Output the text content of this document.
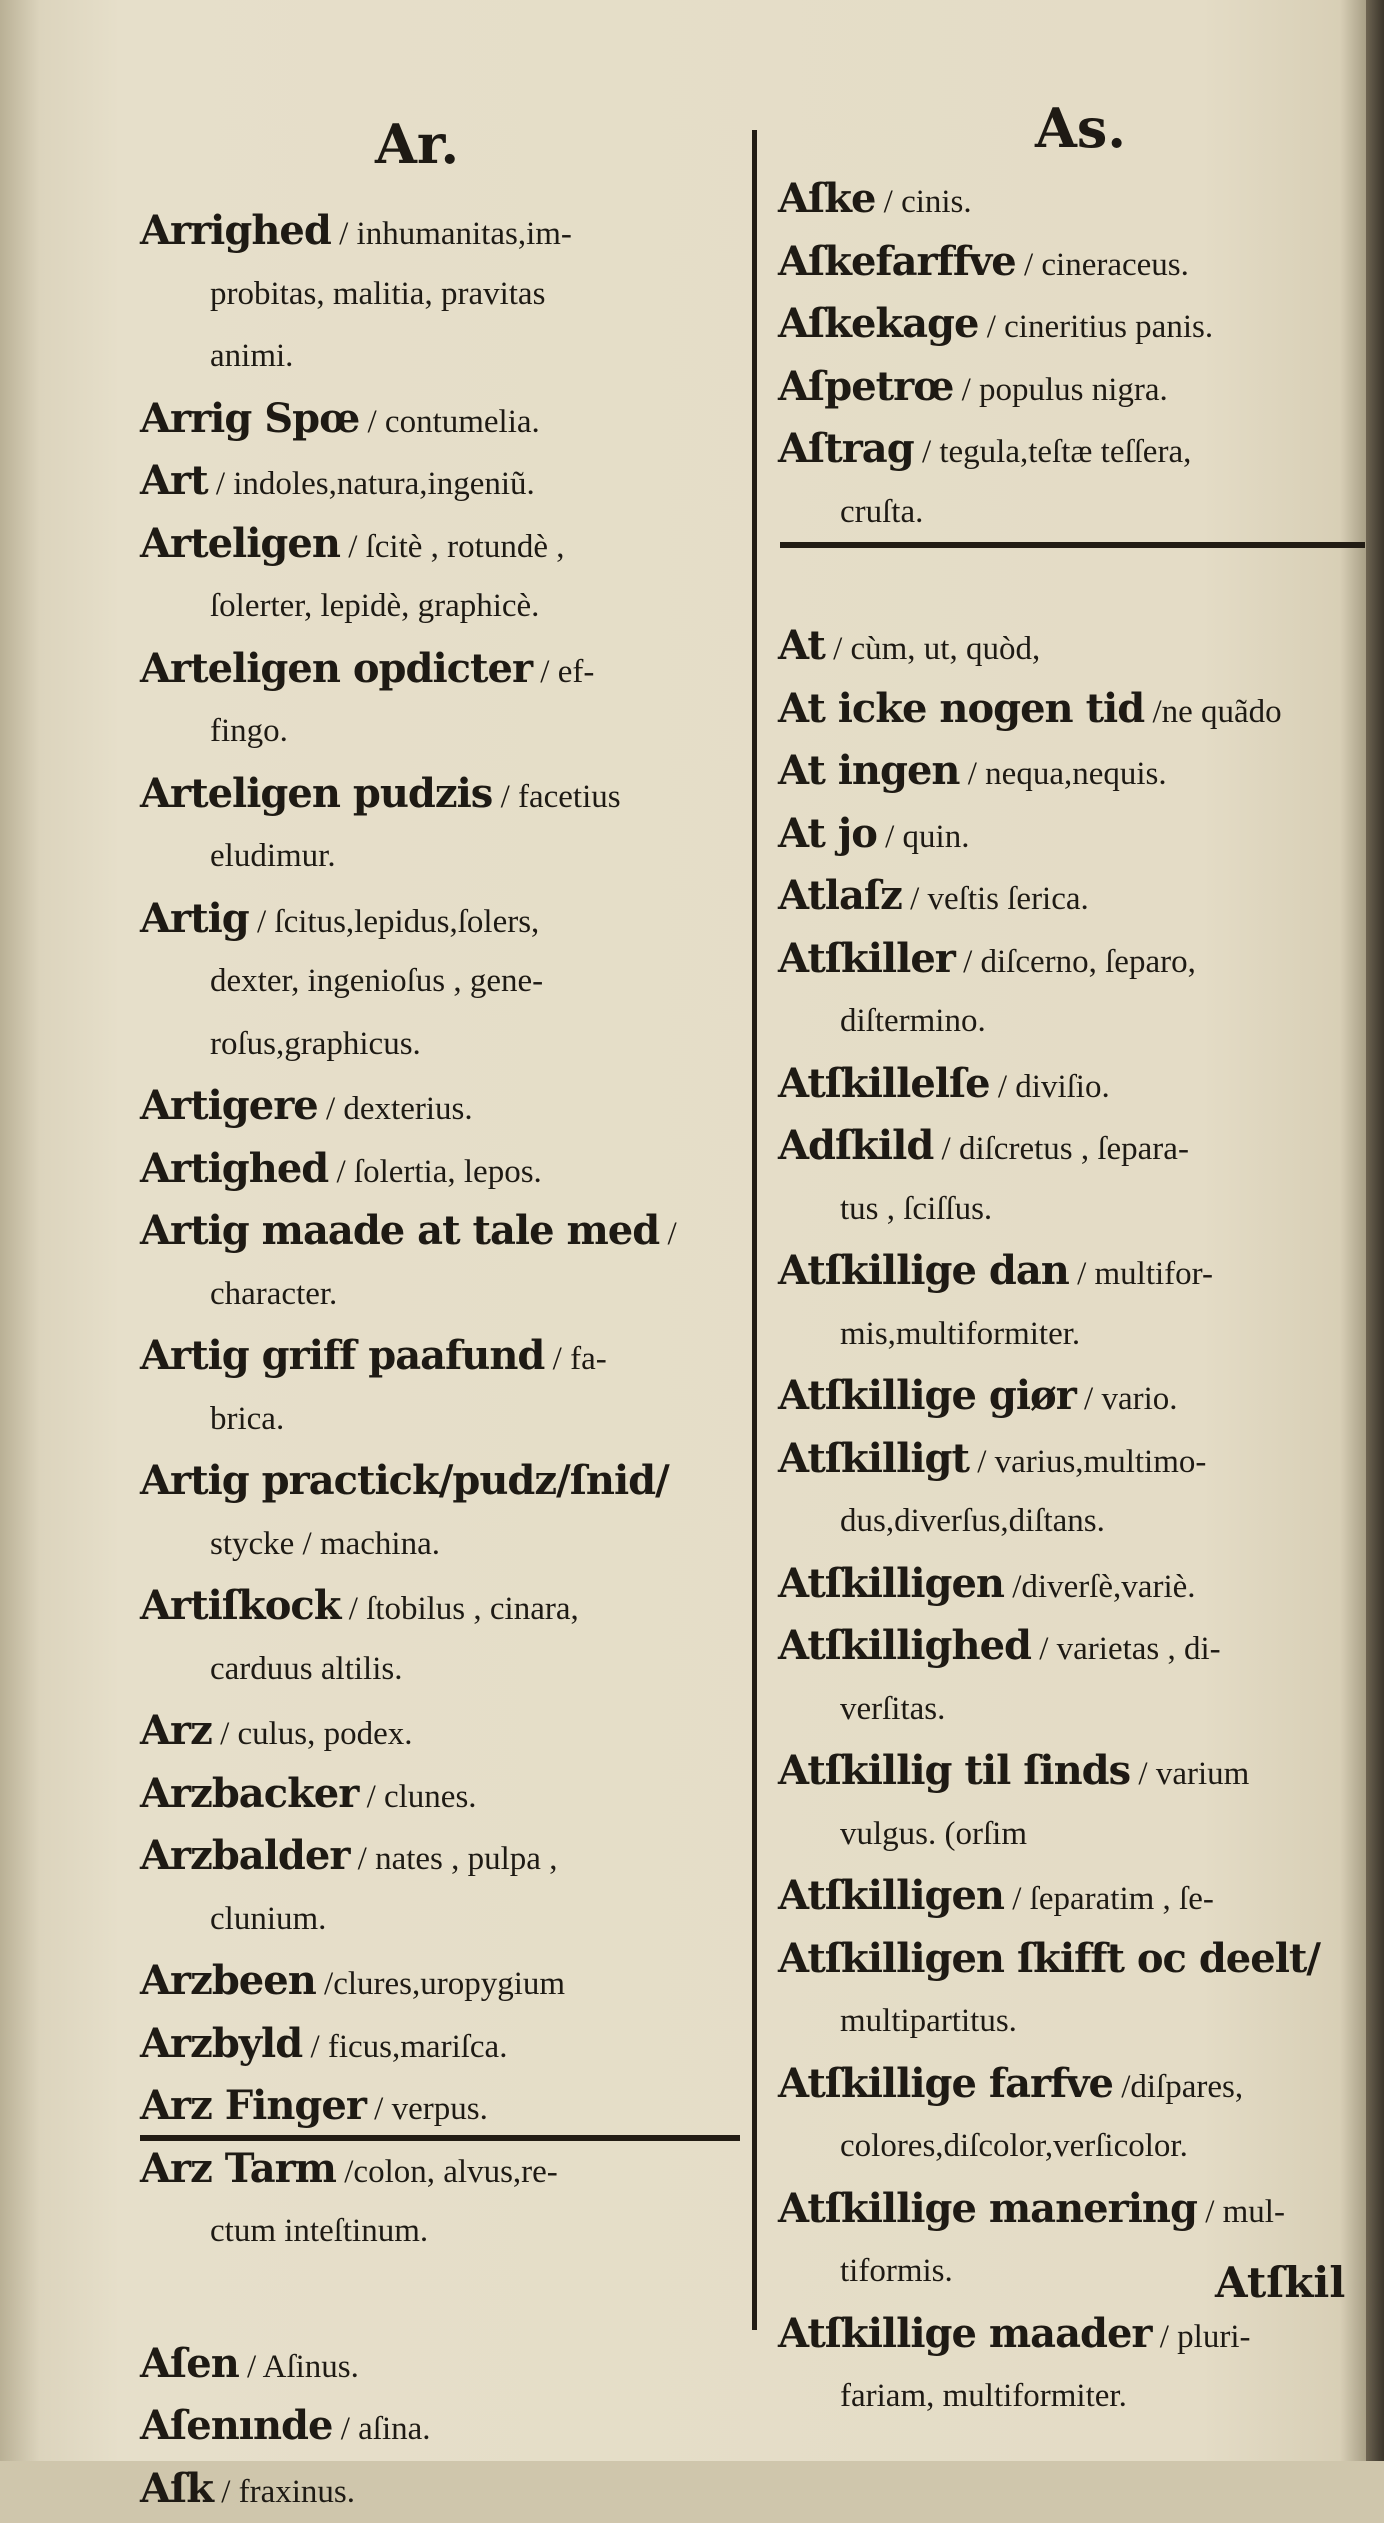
Ar.	As.
Arrighed / inhumanitas,im-
probitas, malitia, pravitas
animi.
Arrig Spœ / contumelia.
Art / indoles,natura,ingeniũ.
Arteligen / ſcitè , rotundè ,
ſolerter, lepidè, graphicè.
Arteligen opdicter / ef-
fingo.
Arteligen pudzis / facetius
eludimur.
Artig / ſcitus,lepidus,ſolers,
dexter, ingenioſus , gene-
roſus,graphicus.
Artigere / dexterius.
Artighed / ſolertia, lepos.
Artig maade at tale med /
character.
Artig griff paafund / fa-
brica.
Artig practick/pudz/ſnid/
stycke / machina.
Artiſkock / ſtobilus , cinara,
carduus altilis.
Arz / culus, podex.
Arzbacker / clunes.
Arzbalder / nates , pulpa ,
clunium.
Arzbeen /clures,uropygium
Arzbyld / ficus,mariſca.
Arz Finger / verpus.
Arz Tarm /colon, alvus,re-
ctum inteſtinum.
Aſen / Aſinus.
Aſenınde / aſina.
Aſk / fraxinus.
Aſke / cinis.
Aſkefarffve / cineraceus.
Aſkekage / cineritius panis.
Aſpetrœ / populus nigra.
Aſtrag / tegula,teſtæ teſſera,
cruſta.
At / cùm, ut, quòd,
At icke nogen tid /ne quãdo
At ingen / nequa,nequis.
At jo / quin.
Atlaſz / veſtis ſerica.
Atſkiller / diſcerno, ſeparo,
diſtermino.
Atſkillelſe / diviſio.
Adſkild / diſcretus , ſepara-
tus , ſciſſus.
Atſkillige dan / multifor-
mis,multiformiter.
Atſkillige giør / vario.
Atſkilligt / varius,multimo-
dus,diverſus,diſtans.
Atſkilligen /diverſè,variè.
Atſkillighed / varietas , di-
verſitas.
Atſkillig til ſinds / varium
vulgus. (orſim
Atſkilligen / ſeparatim , ſe-
Atſkilligen ſkifft oc deelt/
multipartitus.
Atſkillige farfve /diſpares,
colores,diſcolor,verſicolor.
Atſkillige manering / mul-
tiformis.
Atſkillige maader / pluri-
fariam, multiformiter.
Atſkil
